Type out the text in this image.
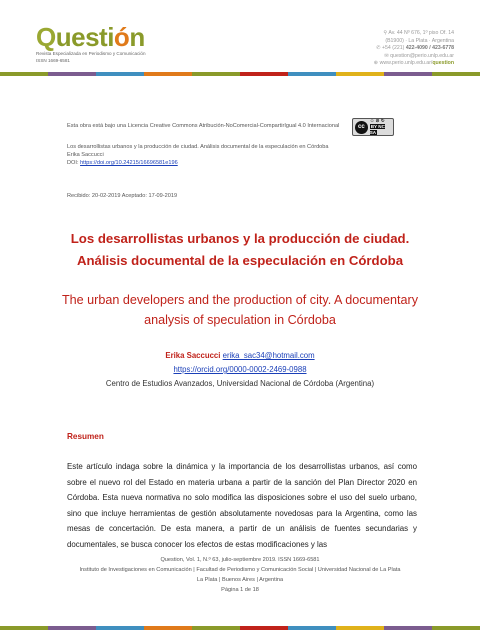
Questión
Revista Especializada en Periodismo y Comunicación
ISSN 1669-6581
⚲ Av. 44 Nº 676, 1º piso Of. 14
(B1900) · La Plata · Argentina
✆ +54 (221) 422-4090 / 423-6778
✉ question@perio.unlp.edu.ar
⊕ www.perio.unlp.edu.ar/question
Esta obra está bajo una Licencia Creative Commons Atribución-NoComercial-CompartirIgual 4.0 Internacional	cc
☺ ⊘ ↻
BY NC SA
Los desarrollistas urbanos y la producción de ciudad. Análisis documental de la especulación en Córdoba
Erika Saccucci
DOI: https://doi.org/10.24215/16696581e196
Recibido: 20-02-2019 Aceptado: 17-09-2019
Los desarrollistas urbanos y la producción de ciudad. Análisis documental de la especulación en Córdoba
The urban developers and the production of city. A documentary analysis of speculation in Córdoba
Erika Saccucci erika_sac34@hotmail.com
https://orcid.org/0000-0002-2469-0988
Centro de Estudios Avanzados, Universidad Nacional de Córdoba (Argentina)
Resumen
Este artículo indaga sobre la dinámica y la importancia de los desarrollistas urbanos, así como sobre el nuevo rol del Estado en materia urbana a partir de la sanción del Plan Director 2020 en Córdoba. Esta nueva normativa no solo modifica las disposiciones sobre el uso del suelo urbano, sino que incluye herramientas de gestión absolutamente novedosas para la Argentina, como las mesas de concertación. De esta manera, a partir de un análisis de fuentes secundarias y documentales, se busca conocer los efectos de estas modificaciones y las
Question, Vol. 1, N.º 63, julio-septiembre 2019. ISSN 1669-6581
Instituto de Investigaciones en Comunicación | Facultad de Periodismo y Comunicación Social | Universidad Nacional de La Plata
La Plata | Buenos Aires | Argentina
Página 1 de 18
